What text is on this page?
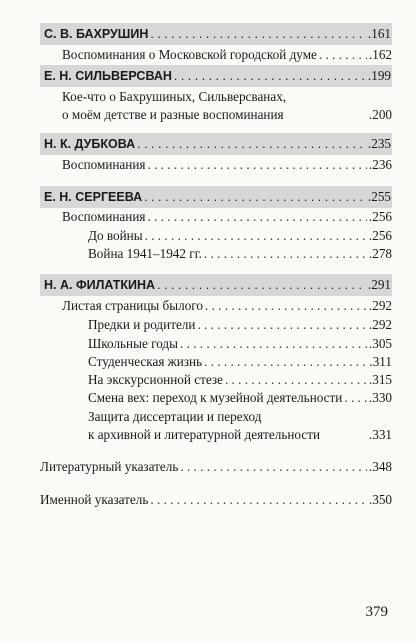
С. В. БАХРУШИН . . .	.161
Воспоминания о Московской городской думе . . .	.162
Е. Н. СИЛЬВЕРСВАН . . .	.199
Кое-что о Бахрушиных, Сильверсванах,
о моём детстве и разные воспоминания	.200
Н. К. ДУБКОВА . . .	.235
Воспоминания . . .	.236
Е. Н. СЕРГЕЕВА . . .	.255
Воспоминания . . .	.256
До войны . . .	.256
Война 1941–1942 гг. . . .	.278
Н. А. ФИЛАТКИНА . . .	.291
Листая страницы былого . . .	.292
Предки и родители . . .	.292
Школьные годы . . .	.305
Студенческая жизнь . . .	.311
На экскурсионной стезе . . .	.315
Смена вех: переход к музейной деятельности . . . .330
Защита диссертации и переход
к архивной и литературной деятельности	.331
Литературный указатель . . .	.348
Именной указатель . . .	.350
379
